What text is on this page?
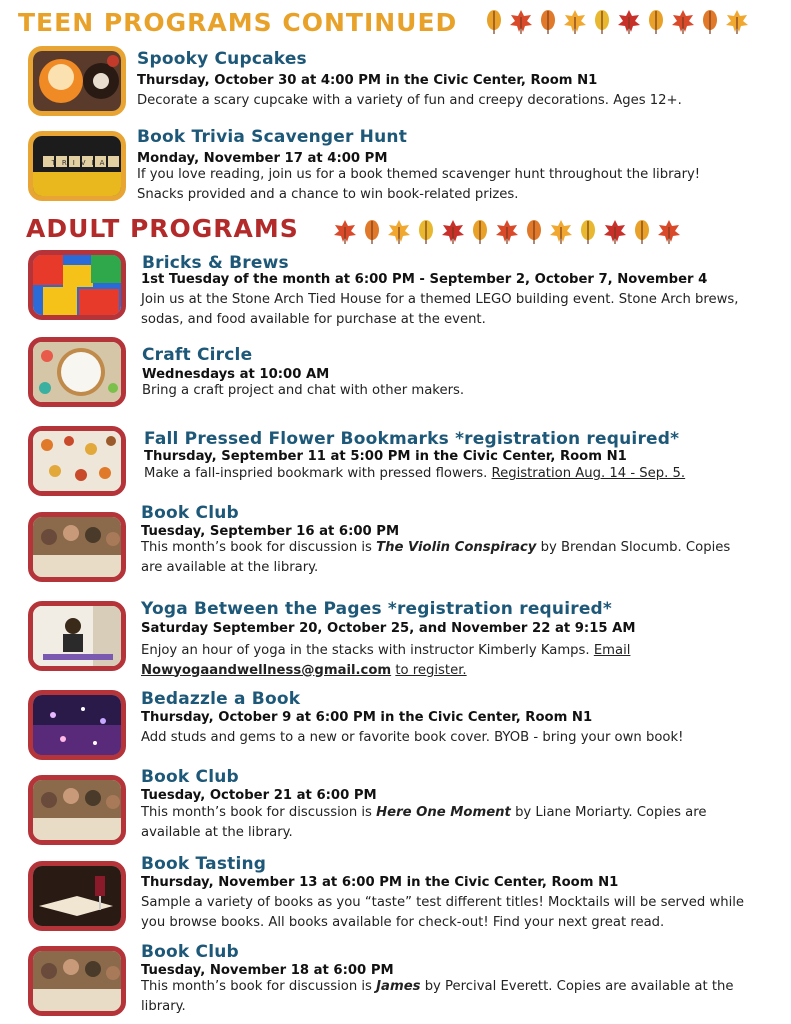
TEEN PROGRAMS CONTINUED
Spooky Cupcakes

Thursday, October 30 at 4:00 PM in the Civic Center, Room N1

Decorate a scary cupcake with a variety of fun and creepy decorations. Ages 12+.

TRIVIA
Book Trivia Scavenger Hunt

Monday, November 17 at 4:00 PM

If you love reading, join us for a book themed scavenger hunt throughout the library! Snacks provided and a chance to win book-related prizes.

ADULT PROGRAMS
Bricks & Brews

1st Tuesday of the month at 6:00 PM - September 2, October 7, November 4

Join us at the Stone Arch Tied House for a themed LEGO building event. Stone Arch brews, sodas, and food available for purchase at the event.

Craft Circle

Wednesdays at 10:00 AM

Bring a craft project and chat with other makers.

Fall Pressed Flower Bookmarks *registration required*

Thursday, September 11 at 5:00 PM in the Civic Center, Room N1

Make a fall-inspried bookmark with pressed flowers. Registration Aug. 14 - Sep. 5.

Book Club

Tuesday, September 16 at 6:00 PM

This month’s book for discussion is The Violin Conspiracy by Brendan Slocumb. Copies are available at the library.

Yoga Between the Pages *registration required*

Saturday September 20, October 25, and November 22 at 9:15 AM

Enjoy an hour of yoga in the stacks with instructor Kimberly Kamps. Email
Nowyogaandwellness@gmail.com to register.

Bedazzle a Book

Thursday, October 9 at 6:00 PM in the Civic Center, Room N1

Add studs and gems to a new or favorite book cover. BYOB - bring your own book!

Book Club

Tuesday, October 21 at 6:00 PM

This month’s book for discussion is Here One Moment by Liane Moriarty. Copies are available at the library.

Book Tasting

Thursday, November 13 at 6:00 PM in the Civic Center, Room N1

Sample a variety of books as you “taste” test different titles! Mocktails will be served while you browse books. All books available for check-out! Find your next great read.

Book Club

Tuesday, November 18 at 6:00 PM

This month’s book for discussion is James by Percival Everett. Copies are available at the library.
